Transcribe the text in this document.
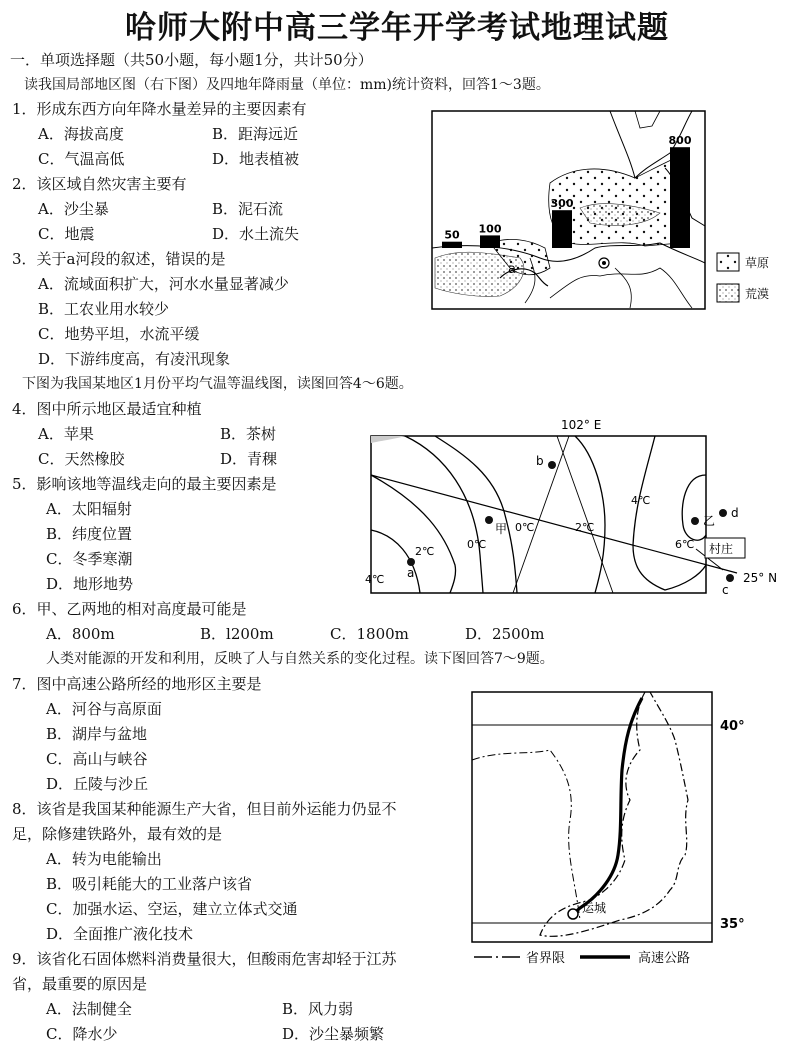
哈师大附中高三学年开学考试地理试题
一．单项选择题（共50小题，每小题1分，共计50分）
读我国局部地区图（右下图）及四地年降雨量（单位：mm)统计资料，回答1～3题。
1．形成东西方向年降水量差异的主要因素有
A．海拔高度	B．距海远近
C．气温高低	D．地表植被
2．该区域自然灾害主要有
A．沙尘暴	B．泥石流
C．地震	D．水土流失
3．关于a河段的叙述，错误的是
A．流域面积扩大，河水水量显著减少
B．工农业用水较少
C．地势平坦，水流平缓
D．下游纬度高，有凌汛现象
下图为我国某地区1月份平均气温等温线图，读图回答4～6题。
4．图中所示地区最适宜种植
A．苹果	B．茶树
C．天然橡胶	D．青稞
5．影响该地等温线走向的最主要因素是
A．太阳辐射
B．纬度位置
C．冬季寒潮
D．地形地势
6．甲、乙两地的相对高度最可能是
A．800m	B．l200m	C．1800m	D．2500m
人类对能源的开发和利用，反映了人与自然关系的变化过程。读下图回答7～9题。
7．图中高速公路所经的地形区主要是
A．河谷与高原面
B．湖岸与盆地
C．高山与峡谷
D．丘陵与沙丘
8．该省是我国某种能源生产大省，但目前外运能力仍显不
足，除修建铁路外，最有效的是
A．转为电能输出
B．吸引耗能大的工业落户该省
C．加强水运、空运，建立立体式交通
D．全面推广液化技术
9．该省化石固体燃料消费量很大，但酸雨危害却轻于江苏
省，最重要的原因是
A．法制健全	B．风力弱
C．降水少	D．沙尘暴频繁
a
50 100
300
800
草原
荒漠
102° E
4℃
2℃
0℃
0℃	2℃
4℃
6℃
b
甲
a
乙
d
c
村庄
25° N
40°
35°
运城
省界限	高速公路
